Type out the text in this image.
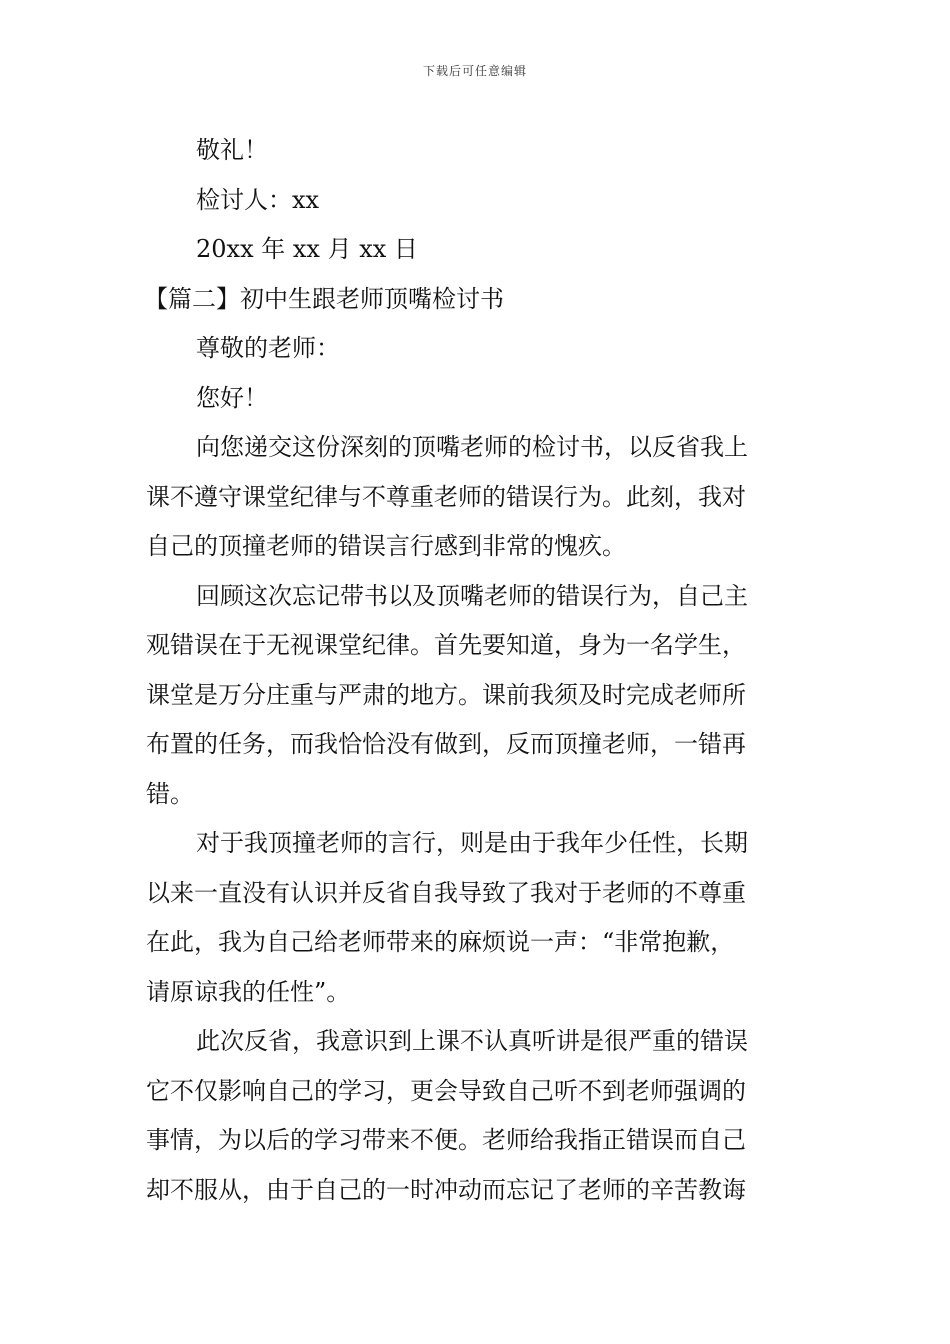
下载后可任意编辑
敬礼！
检讨人：xx
20xx 年 xx 月 xx 日
【篇二】初中生跟老师顶嘴检讨书
尊敬的老师：
您好！
向您递交这份深刻的顶嘴老师的检讨书，以反省我上
课不遵守课堂纪律与不尊重老师的错误行为。此刻，我对
自己的顶撞老师的错误言行感到非常的愧疚。
回顾这次忘记带书以及顶嘴老师的错误行为，自己主
观错误在于无视课堂纪律。首先要知道，身为一名学生，
课堂是万分庄重与严肃的地方。课前我须及时完成老师所
布置的任务，而我恰恰没有做到，反而顶撞老师，一错再
错。
对于我顶撞老师的言行，则是由于我年少任性，长期
以来一直没有认识并反省自我导致了我对于老师的不尊重
在此，我为自己给老师带来的麻烦说一声：“非常抱歉，
请原谅我的任性”。
此次反省，我意识到上课不认真听讲是很严重的错误
它不仅影响自己的学习，更会导致自己听不到老师强调的
事情，为以后的学习带来不便。老师给我指正错误而自己
却不服从，由于自己的一时冲动而忘记了老师的辛苦教诲
